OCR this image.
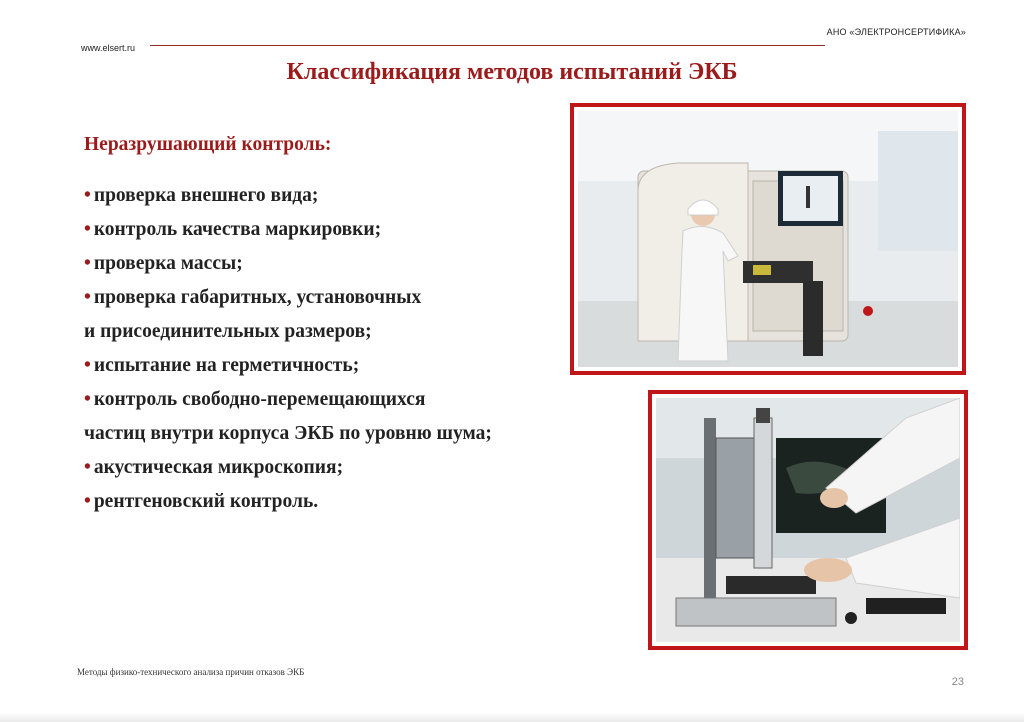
АНО «ЭЛЕКТРОНСЕРТИФИКА»
www.elsert.ru
Классификация методов испытаний ЭКБ
Неразрушающий контроль:
• проверка внешнего вида;
• контроль качества маркировки;
• проверка массы;
• проверка габаритных, установочных
и присоединительных размеров;
• испытание на герметичность;
• контроль свободно-перемещающихся
частиц внутри корпуса ЭКБ по уровню шума;
• акустическая микроскопия;
• рентгеновский контроль.
Методы физико-технического анализа причин отказов ЭКБ
23
